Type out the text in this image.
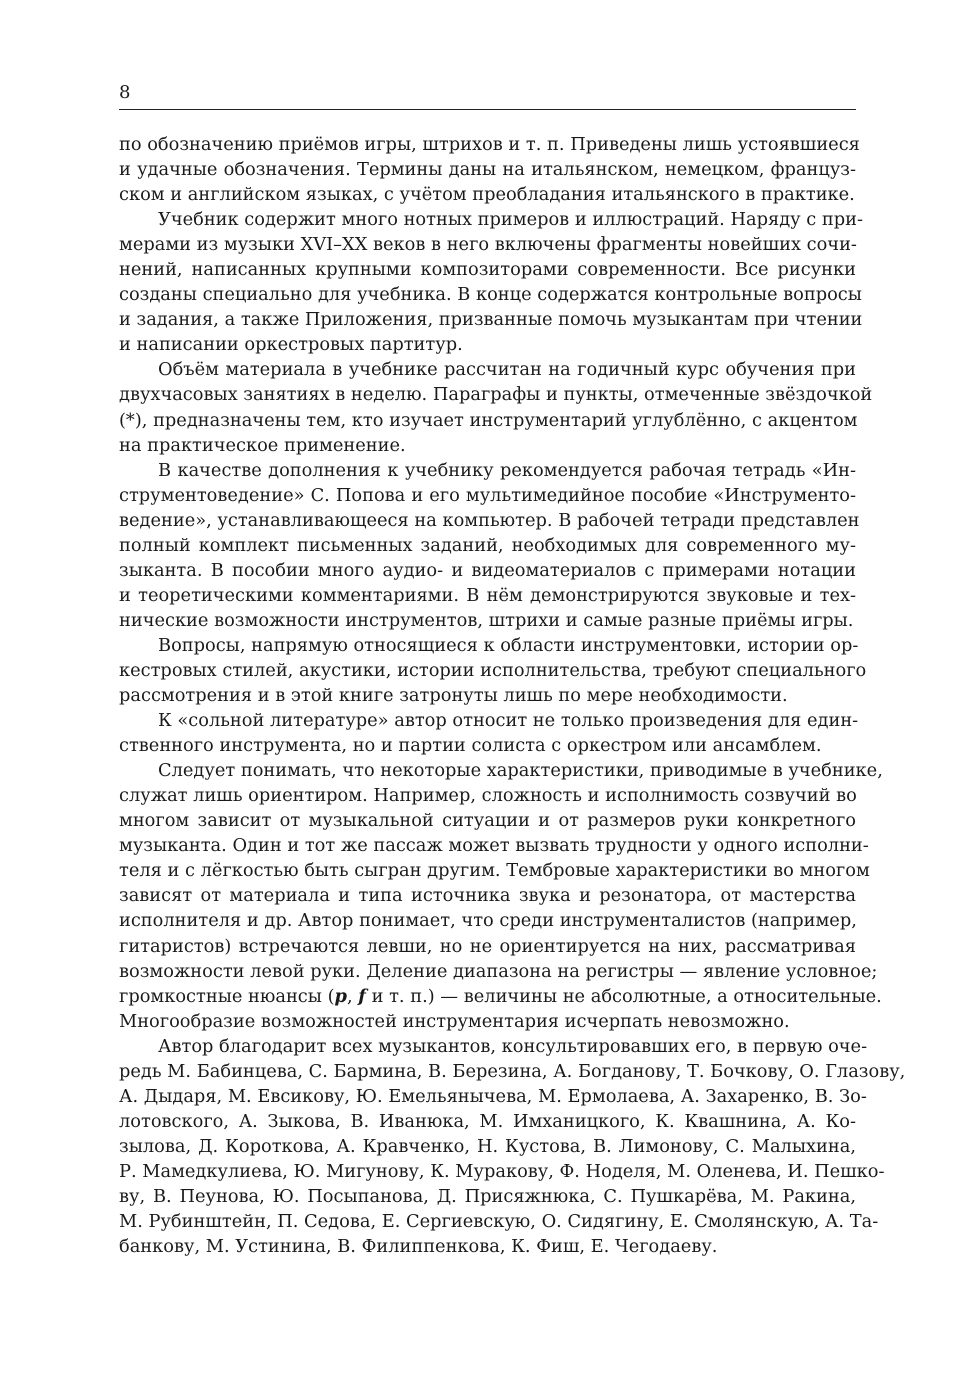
8

по обозначению приёмов игры, штрихов и т. п. Приведены лишь устоявшиеся
и удачные обозначения. Термины даны на итальянском, немецком, француз-
ском и английском языках, с учётом преобладания итальянского в практике.

Учебник содержит много нотных примеров и иллюстраций. Наряду с при-
мерами из музыки XVI–XX веков в него включены фрагменты новейших сочи-
нений, написанных крупными композиторами современности. Все рисунки
созданы специально для учебника. В конце содержатся контрольные вопросы
и задания, а также Приложения, призванные помочь музыкантам при чтении
и написании оркестровых партитур.

Объём материала в учебнике рассчитан на годичный курс обучения при
двухчасовых занятиях в неделю. Параграфы и пункты, отмеченные звёздочкой
(*), предназначены тем, кто изучает инструментарий углублённо, с акцентом
на практическое применение.

В качестве дополнения к учебнику рекомендуется рабочая тетрадь «Ин-
струментоведение» С. Попова и его мультимедийное пособие «Инструменто-
ведение», устанавливающееся на компьютер. В рабочей тетради представлен
полный комплект письменных заданий, необходимых для современного му-
зыканта. В пособии много аудио- и видеоматериалов с примерами нотации
и теоретическими комментариями. В нём демонстрируются звуковые и тех-
нические возможности инструментов, штрихи и самые разные приёмы игры.

Вопросы, напрямую относящиеся к области инструментовки, истории ор-
кестровых стилей, акустики, истории исполнительства, требуют специального
рассмотрения и в этой книге затронуты лишь по мере необходимости.

К «сольной литературе» автор относит не только произведения для един-
ственного инструмента, но и партии солиста с оркестром или ансамблем.

Следует понимать, что некоторые характеристики, приводимые в учебнике,
служат лишь ориентиром. Например, сложность и исполнимость созвучий во
многом зависит от музыкальной ситуации и от размеров руки конкретного
музыканта. Один и тот же пассаж может вызвать трудности у одного исполни-
теля и с лёгкостью быть сыгран другим. Тембровые характеристики во многом
зависят от материала и типа источника звука и резонатора, от мастерства
исполнителя и др. Автор понимает, что среди инструменталистов (например,
гитаристов) встречаются левши, но не ориентируется на них, рассматривая
возможности левой руки. Деление диапазона на регистры — явление условное;
громкостные нюансы (p, f и т. п.) — величины не абсолютные, а относительные.
Многообразие возможностей инструментария исчерпать невозможно.

Автор благодарит всех музыкантов, консультировавших его, в первую оче-
редь М. Бабинцева, С. Бармина, В. Березина, А. Богданову, Т. Бочкову, О. Глазову,
А. Дыдаря, М. Евсикову, Ю. Емельянычева, М. Ермолаева, А. Захаренко, В. Зо-
лотовского, А. Зыкова, В. Иванюка, М. Имханицкого, К. Квашнина, А. Ко-
зылова, Д. Короткова, А. Кравченко, Н. Кустова, В. Лимонову, С. Малыхина,
Р. Мамедкулиева, Ю. Мигунову, К. Муракову, Ф. Ноделя, М. Оленева, И. Пешко-
ву, В. Пеунова, Ю. Посыпанова, Д. Присяжнюка, С. Пушкарёва, М. Ракина,
М. Рубинштейн, П. Седова, Е. Сергиевскую, О. Сидягину, Е. Смолянскую, А. Та-
банкову, М. Устинина, В. Филиппенкова, К. Фиш, Е. Чегодаеву.
